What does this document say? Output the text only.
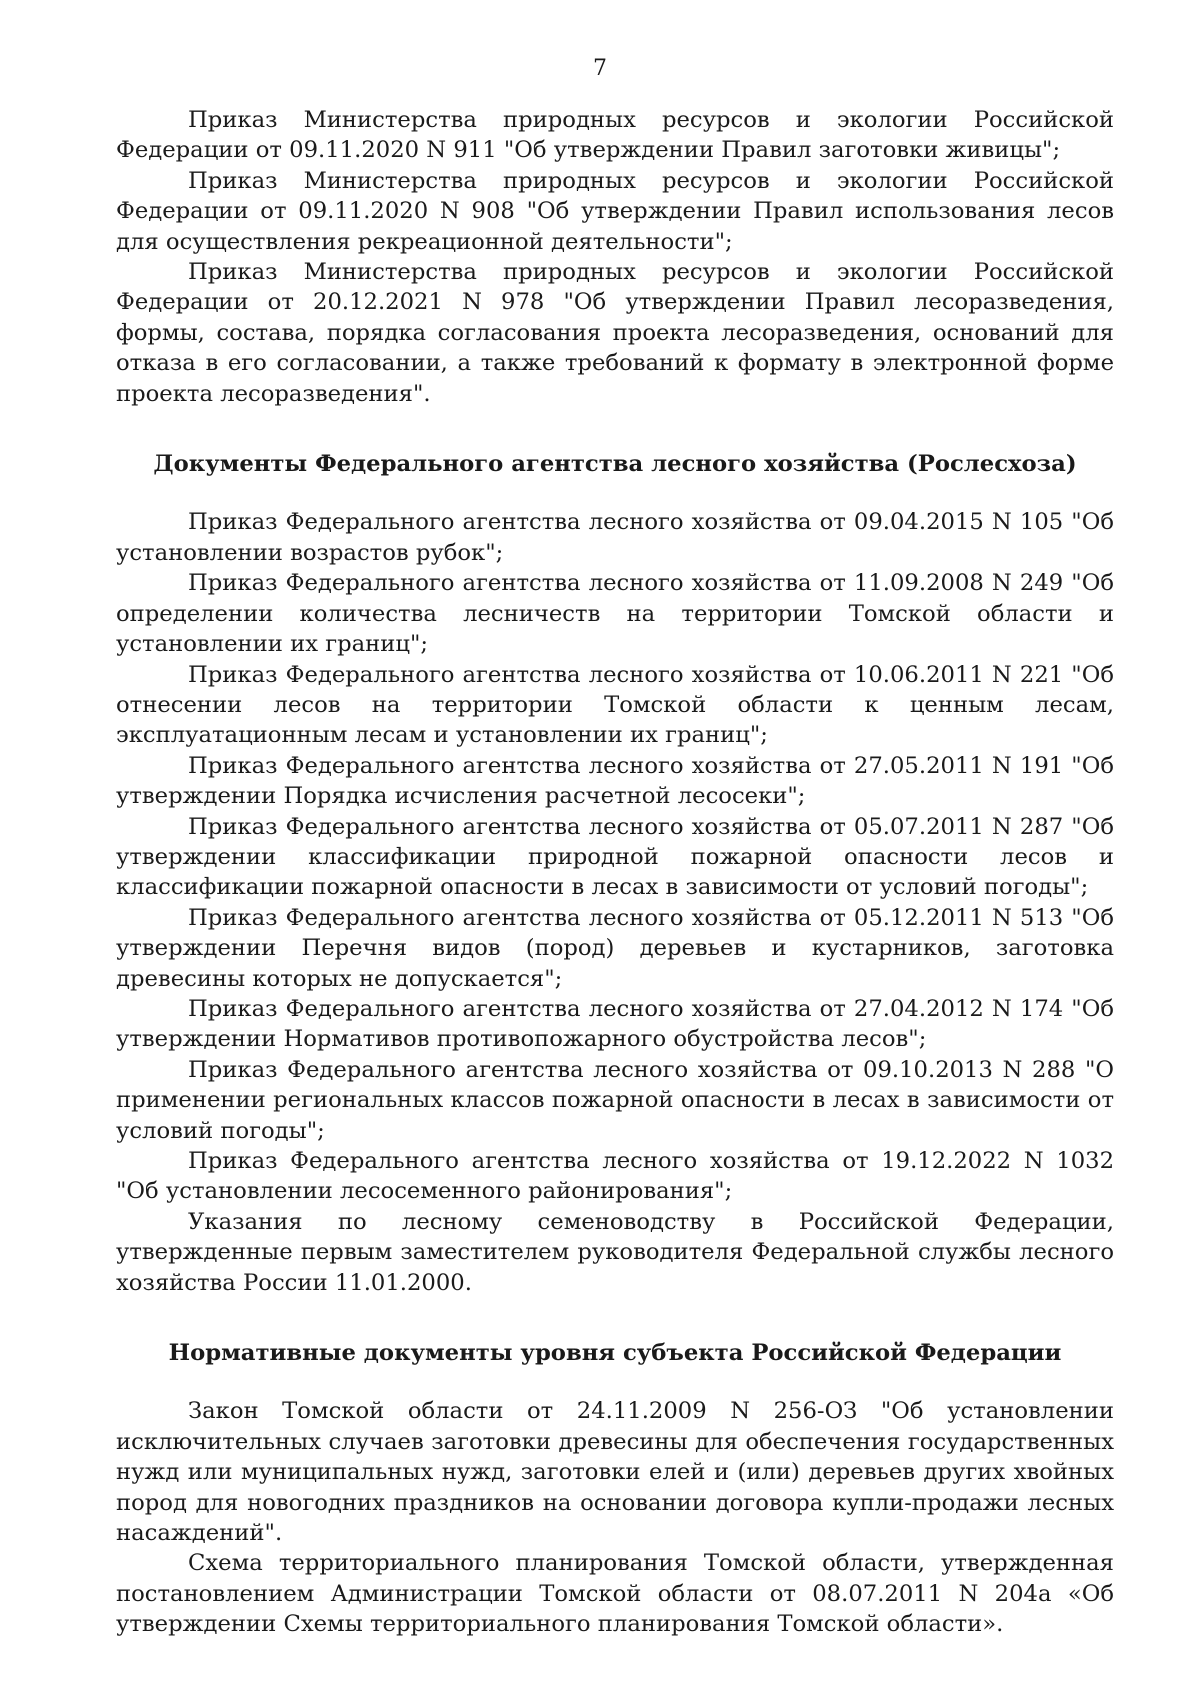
7

Приказ Министерства природных ресурсов и экологии Российской Федерации от 09.11.2020 N 911 "Об утверждении Правил заготовки живицы";

Приказ Министерства природных ресурсов и экологии Российской Федерации от 09.11.2020 N 908 "Об утверждении Правил использования лесов для осуществления рекреационной деятельности";

Приказ Министерства природных ресурсов и экологии Российской Федерации от 20.12.2021 N 978 "Об утверждении Правил лесоразведения, формы, состава, порядка согласования проекта лесоразведения, оснований для отказа в его согласовании, а также требований к формату в электронной форме проекта лесоразведения".

Документы Федерального агентства лесного хозяйства (Рослесхоза)

Приказ Федерального агентства лесного хозяйства от 09.04.2015 N 105 "Об установлении возрастов рубок";

Приказ Федерального агентства лесного хозяйства от 11.09.2008 N 249 "Об определении количества лесничеств на территории Томской области и установлении их границ";

Приказ Федерального агентства лесного хозяйства от 10.06.2011 N 221 "Об отнесении лесов на территории Томской области к ценным лесам, эксплуатационным лесам и установлении их границ";

Приказ Федерального агентства лесного хозяйства от 27.05.2011 N 191 "Об утверждении Порядка исчисления расчетной лесосеки";

Приказ Федерального агентства лесного хозяйства от 05.07.2011 N 287 "Об утверждении классификации природной пожарной опасности лесов и классификации пожарной опасности в лесах в зависимости от условий погоды";

Приказ Федерального агентства лесного хозяйства от 05.12.2011 N 513 "Об утверждении Перечня видов (пород) деревьев и кустарников, заготовка древесины которых не допускается";

Приказ Федерального агентства лесного хозяйства от 27.04.2012 N 174 "Об утверждении Нормативов противопожарного обустройства лесов";

Приказ Федерального агентства лесного хозяйства от 09.10.2013 N 288 "О применении региональных классов пожарной опасности в лесах в зависимости от условий погоды";

Приказ Федерального агентства лесного хозяйства от 19.12.2022 N 1032 "Об установлении лесосеменного районирования";

Указания по лесному семеноводству в Российской Федерации, утвержденные первым заместителем руководителя Федеральной службы лесного хозяйства России 11.01.2000.

Нормативные документы уровня субъекта Российской Федерации

Закон Томской области от 24.11.2009 N 256-ОЗ "Об установлении исключительных случаев заготовки древесины для обеспечения государственных нужд или муниципальных нужд, заготовки елей и (или) деревьев других хвойных пород для новогодних праздников на основании договора купли-продажи лесных насаждений".

Схема территориального планирования Томской области, утвержденная постановлением Администрации Томской области от 08.07.2011 N 204а «Об утверждении Схемы территориального планирования Томской области».
